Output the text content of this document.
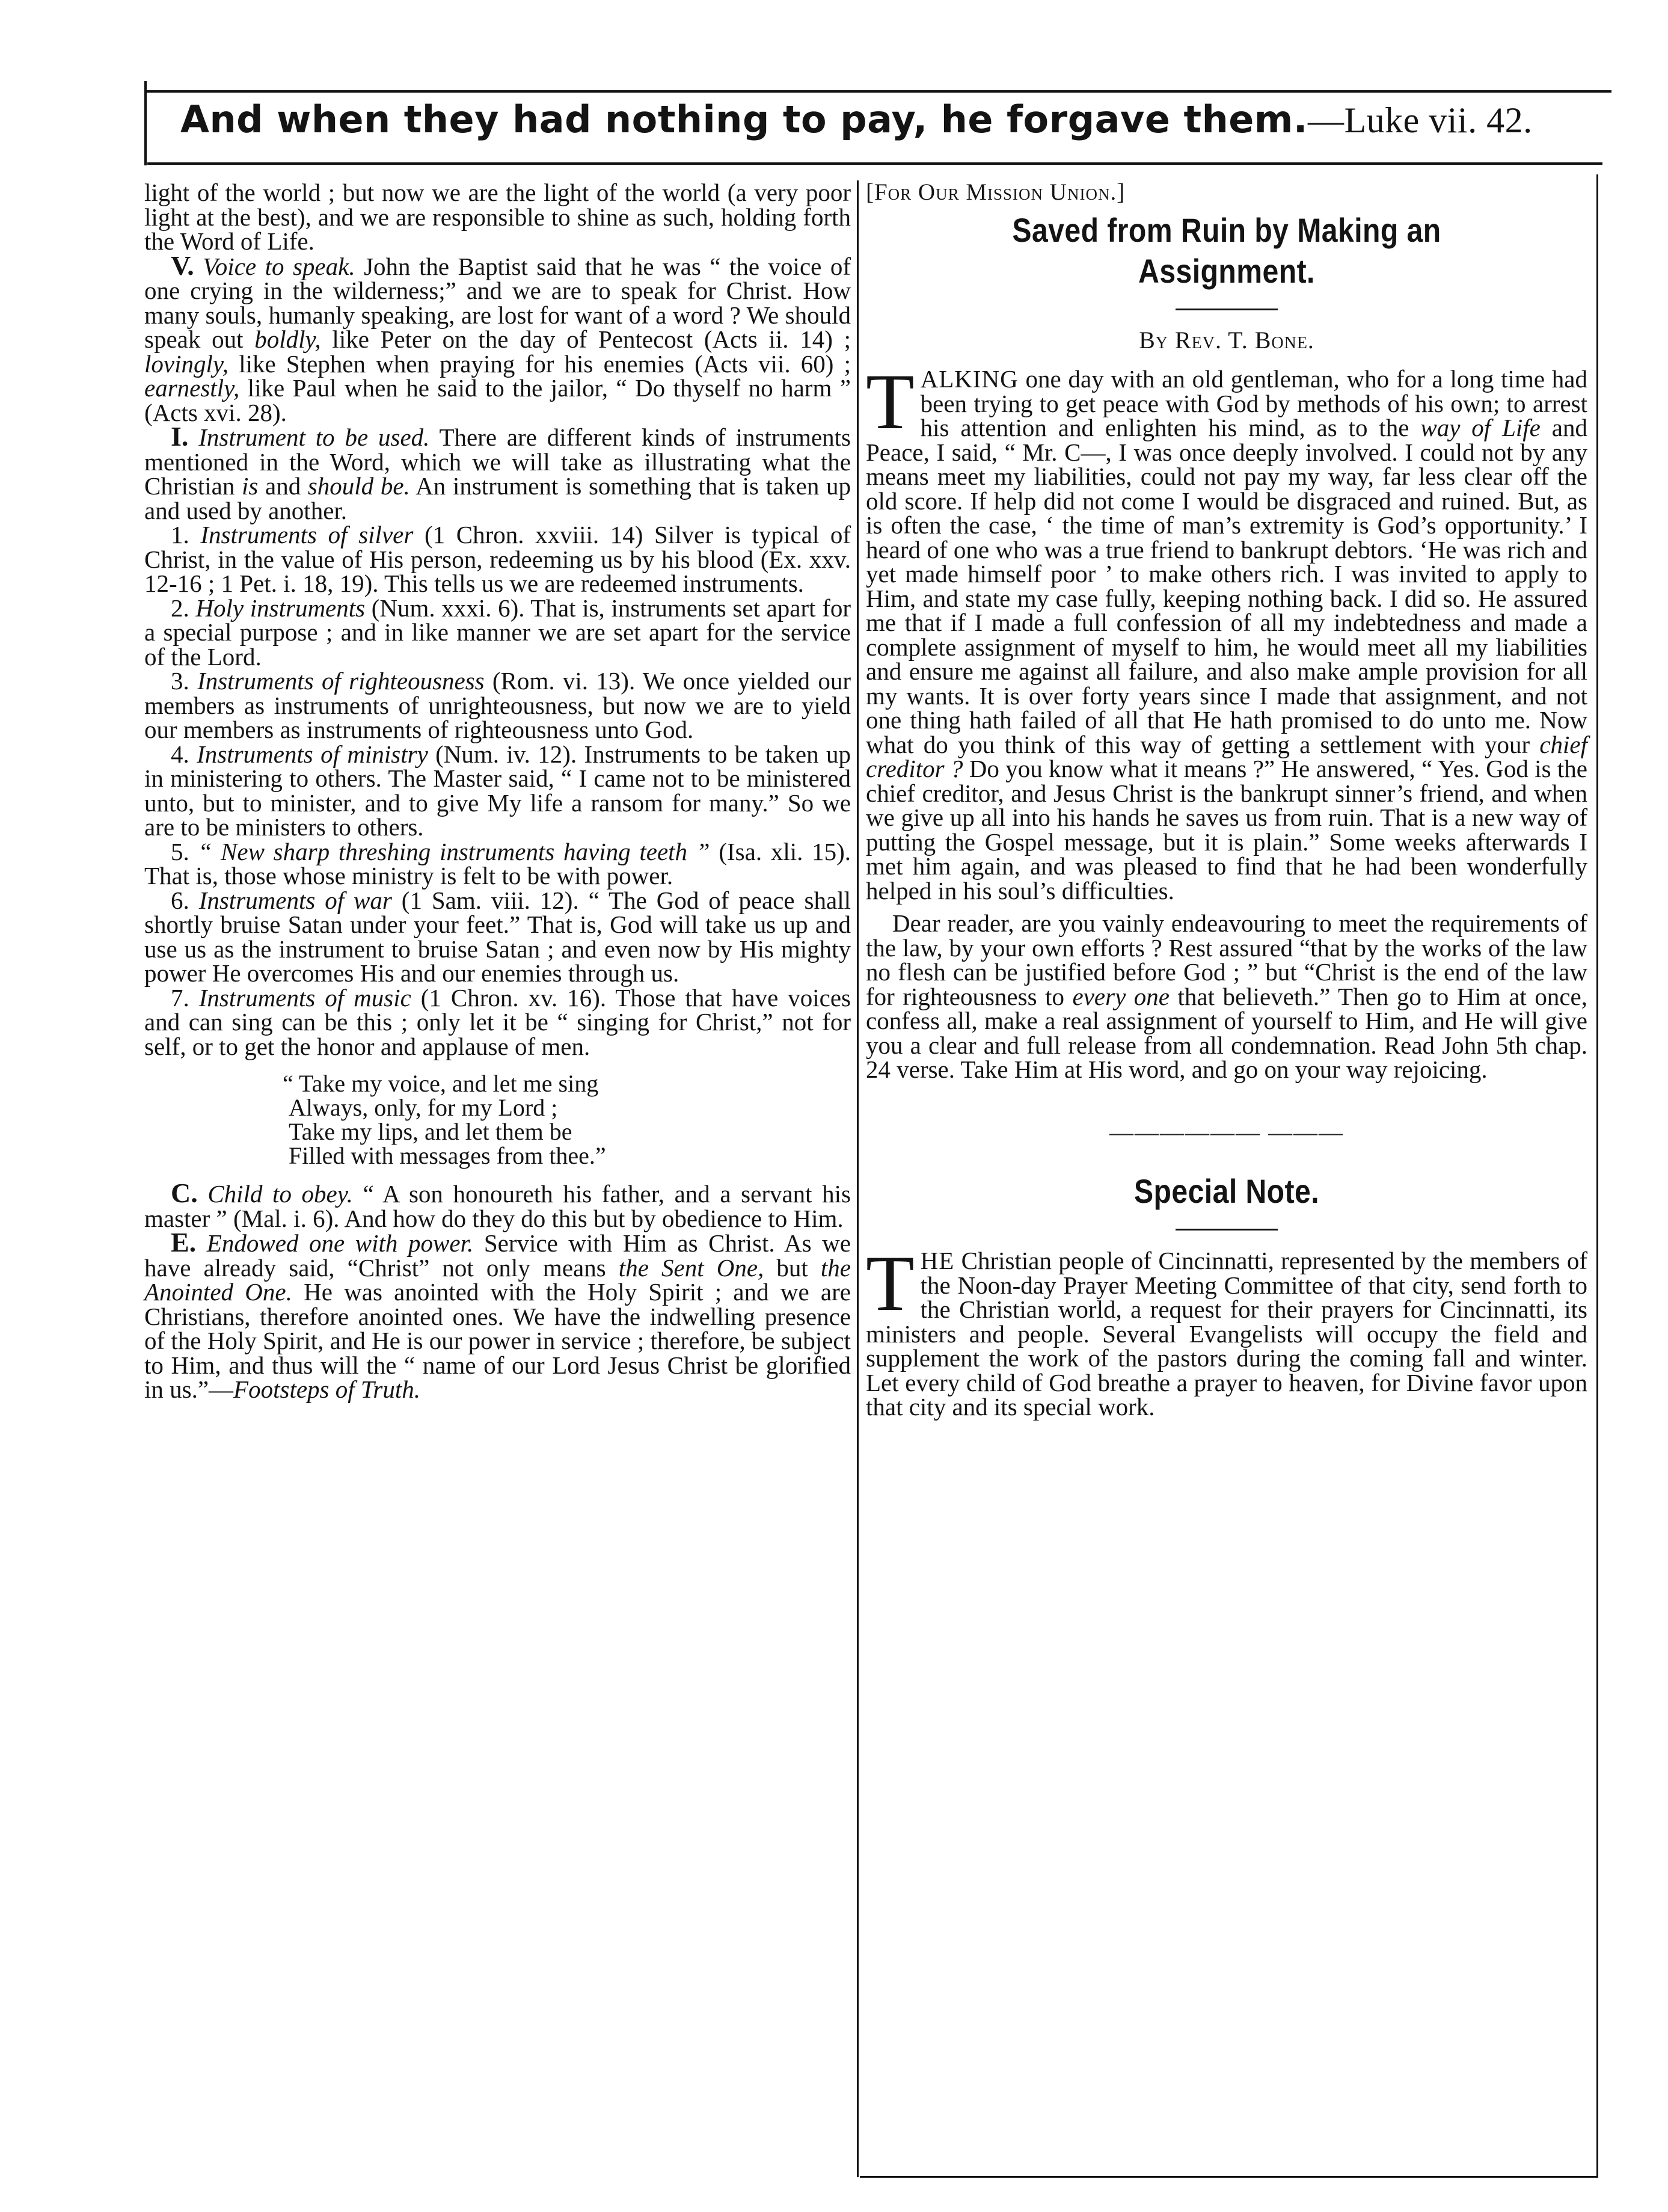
And when they had nothing to pay, he forgave them.—Luke vii. 42.

light of the world ; but now we are the light of the world (a very poor light at the best), and we are responsible to shine as such, holding forth the Word of Life.

V. Voice to speak. John the Baptist said that he was “ the voice of one crying in the wilderness;” and we are to speak for Christ. How many souls, humanly speaking, are lost for want of a word ? We should speak out boldly, like Peter on the day of Pentecost (Acts ii. 14) ; lovingly, like Stephen when praying for his enemies (Acts vii. 60) ; earnestly, like Paul when he said to the jailor, “ Do thyself no harm ” (Acts xvi. 28).

I. Instrument to be used. There are different kinds of instruments mentioned in the Word, which we will take as illustrating what the Christian is and should be. An instrument is something that is taken up and used by another.

1. Instruments of silver (1 Chron. xxviii. 14) Silver is typical of Christ, in the value of His person, redeeming us by his blood (Ex. xxv. 12-16 ; 1 Pet. i. 18, 19). This tells us we are redeemed instruments.

2. Holy instruments (Num. xxxi. 6). That is, instruments set apart for a special purpose ; and in like manner we are set apart for the service of the Lord.

3. Instruments of righteousness (Rom. vi. 13). We once yielded our members as instruments of unrighteousness, but now we are to yield our members as instruments of righteousness unto God.

4. Instruments of ministry (Num. iv. 12). Instruments to be taken up in ministering to others. The Master said, “ I came not to be ministered unto, but to minister, and to give My life a ransom for many.” So we are to be ministers to others.

5. “ New sharp threshing instruments having teeth ” (Isa. xli. 15). That is, those whose ministry is felt to be with power.

6. Instruments of war (1 Sam. viii. 12). “ The God of peace shall shortly bruise Satan under your feet.” That is, God will take us up and use us as the instrument to bruise Satan ; and even now by His mighty power He overcomes His and our enemies through us.

7. Instruments of music (1 Chron. xv. 16). Those that have voices and can sing can be this ; only let it be “ singing for Christ,” not for self, or to get the honor and applause of men.

“ Take my voice, and let me sing
Always, only, for my Lord ;
Take my lips, and let them be
Filled with messages from thee.”

C. Child to obey. “ A son honoureth his father, and a servant his master ” (Mal. i. 6). And how do they do this but by obedience to Him.

E. Endowed one with power. Service with Him as Christ. As we have already said, “Christ” not only means the Sent One, but the Anointed One. He was anointed with the Holy Spirit ; and we are Christians, therefore anointed ones. We have the indwelling presence of the Holy Spirit, and He is our power in service ; therefore, be subject to Him, and thus will the “ name of our Lord Jesus Christ be glorified in us.”—Footsteps of Truth.

[For Our Mission Union.]

Saved from Ruin by Making an Assignment.
By Rev. T. Bone.

TALKING one day with an old gentleman, who for a long time had been trying to get peace with God by methods of his own; to arrest his attention and enlighten his mind, as to the way of Life and Peace, I said, “ Mr. C—, I was once deeply involved. I could not by any means meet my liabilities, could not pay my way, far less clear off the old score. If help did not come I would be disgraced and ruined. But, as is often the case, ‘ the time of man’s extremity is God’s opportunity.’ I heard of one who was a true friend to bankrupt debtors. ‘He was rich and yet made himself poor ’ to make others rich. I was invited to apply to Him, and state my case fully, keeping nothing back. I did so. He assured me that if I made a full confession of all my indebtedness and made a complete assignment of myself to him, he would meet all my liabilities and ensure me against all failure, and also make ample provision for all my wants. It is over forty years since I made that assignment, and not one thing hath failed of all that He hath promised to do unto me. Now what do you think of this way of getting a settlement with your chief creditor ? Do you know what it means ?” He answered, “ Yes. God is the chief creditor, and Jesus Christ is the bankrupt sinner’s friend, and when we give up all into his hands he saves us from ruin. That is a new way of putting the Gospel message, but it is plain.” Some weeks afterwards I met him again, and was pleased to find that he had been wonderfully helped in his soul’s difficulties.

Dear reader, are you vainly endeavouring to meet the requirements of the law, by your own efforts ? Rest assured “that by the works of the law no flesh can be justified before God ; ” but “Christ is the end of the law for righteousness to every one that believeth.” Then go to Him at once, confess all, make a real assignment of yourself to Him, and He will give you a clear and full release from all condemnation. Read John 5th chap. 24 verse. Take Him at His word, and go on your way rejoicing.

—————— ———
Special Note.

THE Christian people of Cincinnatti, represented by the members of the Noon-day Prayer Meeting Committee of that city, send forth to the Christian world, a request for their prayers for Cincinnatti, its ministers and people. Several Evangelists will occupy the field and supplement the work of the pastors during the coming fall and winter. Let every child of God breathe a prayer to heaven, for Divine favor upon that city and its special work.
